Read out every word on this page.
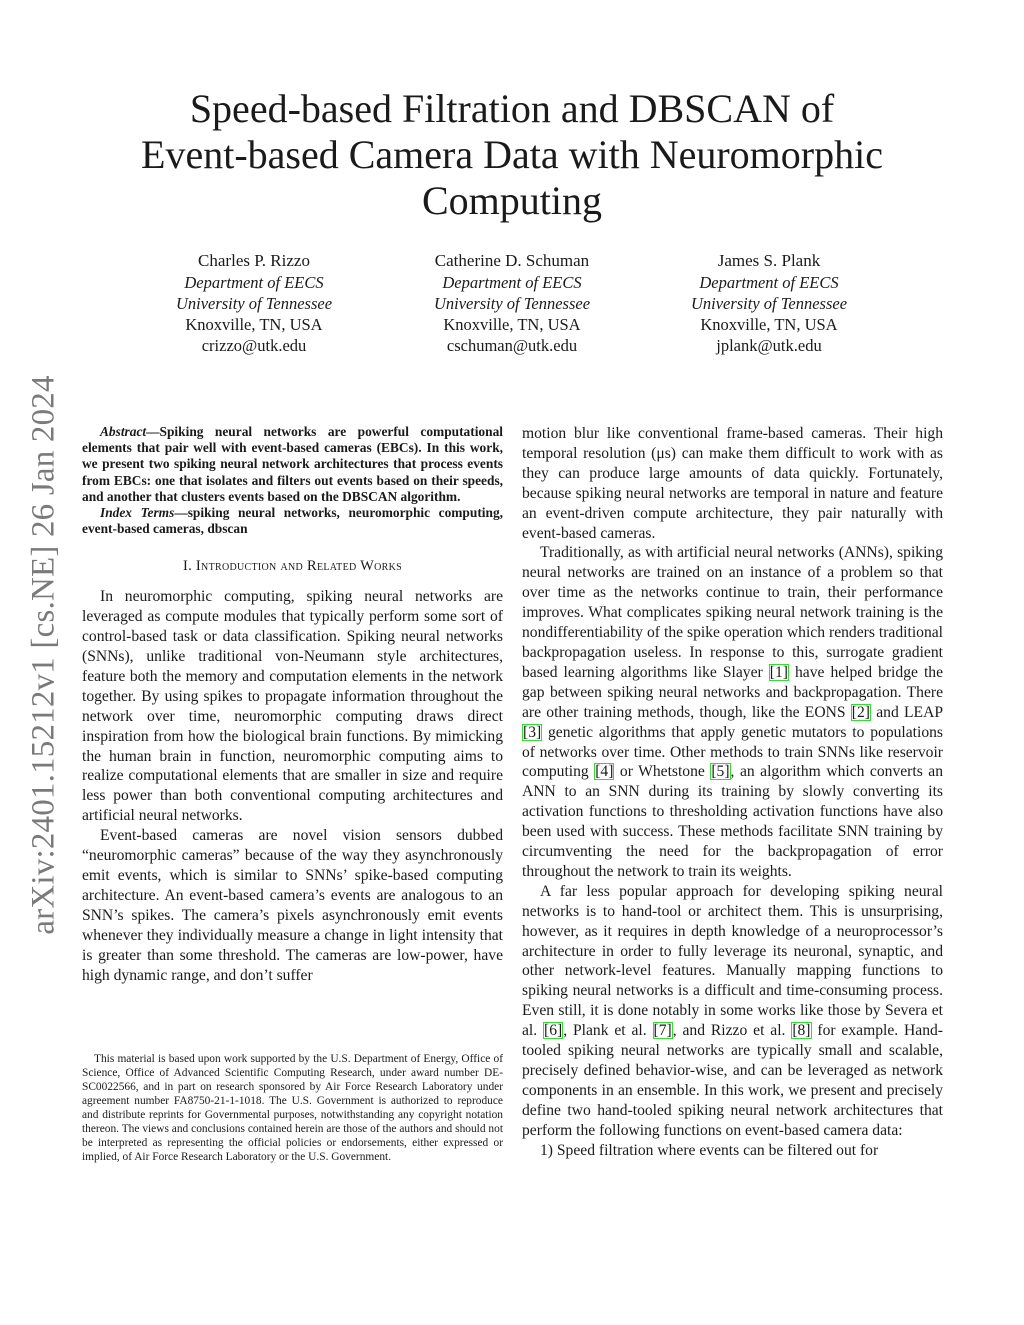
arXiv:2401.15212v1 [cs.NE] 26 Jan 2024
Speed-based Filtration and DBSCAN of
Event-based Camera Data with Neuromorphic
Computing
Charles P. Rizzo
Department of EECS
University of Tennessee
Knoxville, TN, USA
crizzo@utk.edu
Catherine D. Schuman
Department of EECS
University of Tennessee
Knoxville, TN, USA
cschuman@utk.edu
James S. Plank
Department of EECS
University of Tennessee
Knoxville, TN, USA
jplank@utk.edu

Abstract—Spiking neural networks are powerful computational elements that pair well with event-based cameras (EBCs). In this work, we present two spiking neural network architectures that process events from EBCs: one that isolates and filters out events based on their speeds, and another that clusters events based on the DBSCAN algorithm.

Index Terms—spiking neural networks, neuromorphic computing, event-based cameras, dbscan

I. Introduction and Related Works

In neuromorphic computing, spiking neural networks are leveraged as compute modules that typically perform some sort of control-based task or data classification. Spiking neural networks (SNNs), unlike traditional von-Neumann style architectures, feature both the memory and computation elements in the network together. By using spikes to propagate information throughout the network over time, neuromorphic computing draws direct inspiration from how the biological brain functions. By mimicking the human brain in function, neuromorphic computing aims to realize computational elements that are smaller in size and require less power than both conventional computing architectures and artificial neural networks.

Event-based cameras are novel vision sensors dubbed “neuromorphic cameras” because of the way they asynchronously emit events, which is similar to SNNs’ spike-based computing architecture. An event-based camera’s events are analogous to an SNN’s spikes. The camera’s pixels asynchronously emit events whenever they individually measure a change in light intensity that is greater than some threshold. The cameras are low-power, have high dynamic range, and don’t suffer

This material is based upon work supported by the U.S. Department of Energy, Office of Science, Office of Advanced Scientific Computing Research, under award number DE-SC0022566, and in part on research sponsored by Air Force Research Laboratory under agreement number FA8750-21-1-1018. The U.S. Government is authorized to reproduce and distribute reprints for Governmental purposes, notwithstanding any copyright notation thereon. The views and conclusions contained herein are those of the authors and should not be interpreted as representing the official policies or endorsements, either expressed or implied, of Air Force Research Laboratory or the U.S. Government.

motion blur like conventional frame-based cameras. Their high temporal resolution (μs) can make them difficult to work with as they can produce large amounts of data quickly. Fortunately, because spiking neural networks are temporal in nature and feature an event-driven compute architecture, they pair naturally with event-based cameras.

Traditionally, as with artificial neural networks (ANNs), spiking neural networks are trained on an instance of a problem so that over time as the networks continue to train, their performance improves. What complicates spiking neural network training is the nondifferentiability of the spike operation which renders traditional backpropagation useless. In response to this, surrogate gradient based learning algorithms like Slayer [1] have helped bridge the gap between spiking neural networks and backpropagation. There are other training methods, though, like the EONS [2] and LEAP [3] genetic algorithms that apply genetic mutators to populations of networks over time. Other methods to train SNNs like reservoir computing [4] or Whetstone [5], an algorithm which converts an ANN to an SNN during its training by slowly converting its activation functions to thresholding activation functions have also been used with success. These methods facilitate SNN training by circumventing the need for the backpropagation of error throughout the network to train its weights.

A far less popular approach for developing spiking neural networks is to hand-tool or architect them. This is unsurprising, however, as it requires in depth knowledge of a neuroprocessor’s architecture in order to fully leverage its neuronal, synaptic, and other network-level features. Manually mapping functions to spiking neural networks is a difficult and time-consuming process. Even still, it is done notably in some works like those by Severa et al. [6], Plank et al. [7], and Rizzo et al. [8] for example. Hand-tooled spiking neural networks are typically small and scalable, precisely defined behavior-wise, and can be leveraged as network components in an ensemble. In this work, we present and precisely define two hand-tooled spiking neural network architectures that perform the following functions on event-based camera data:

1) Speed filtration where events can be filtered out for
